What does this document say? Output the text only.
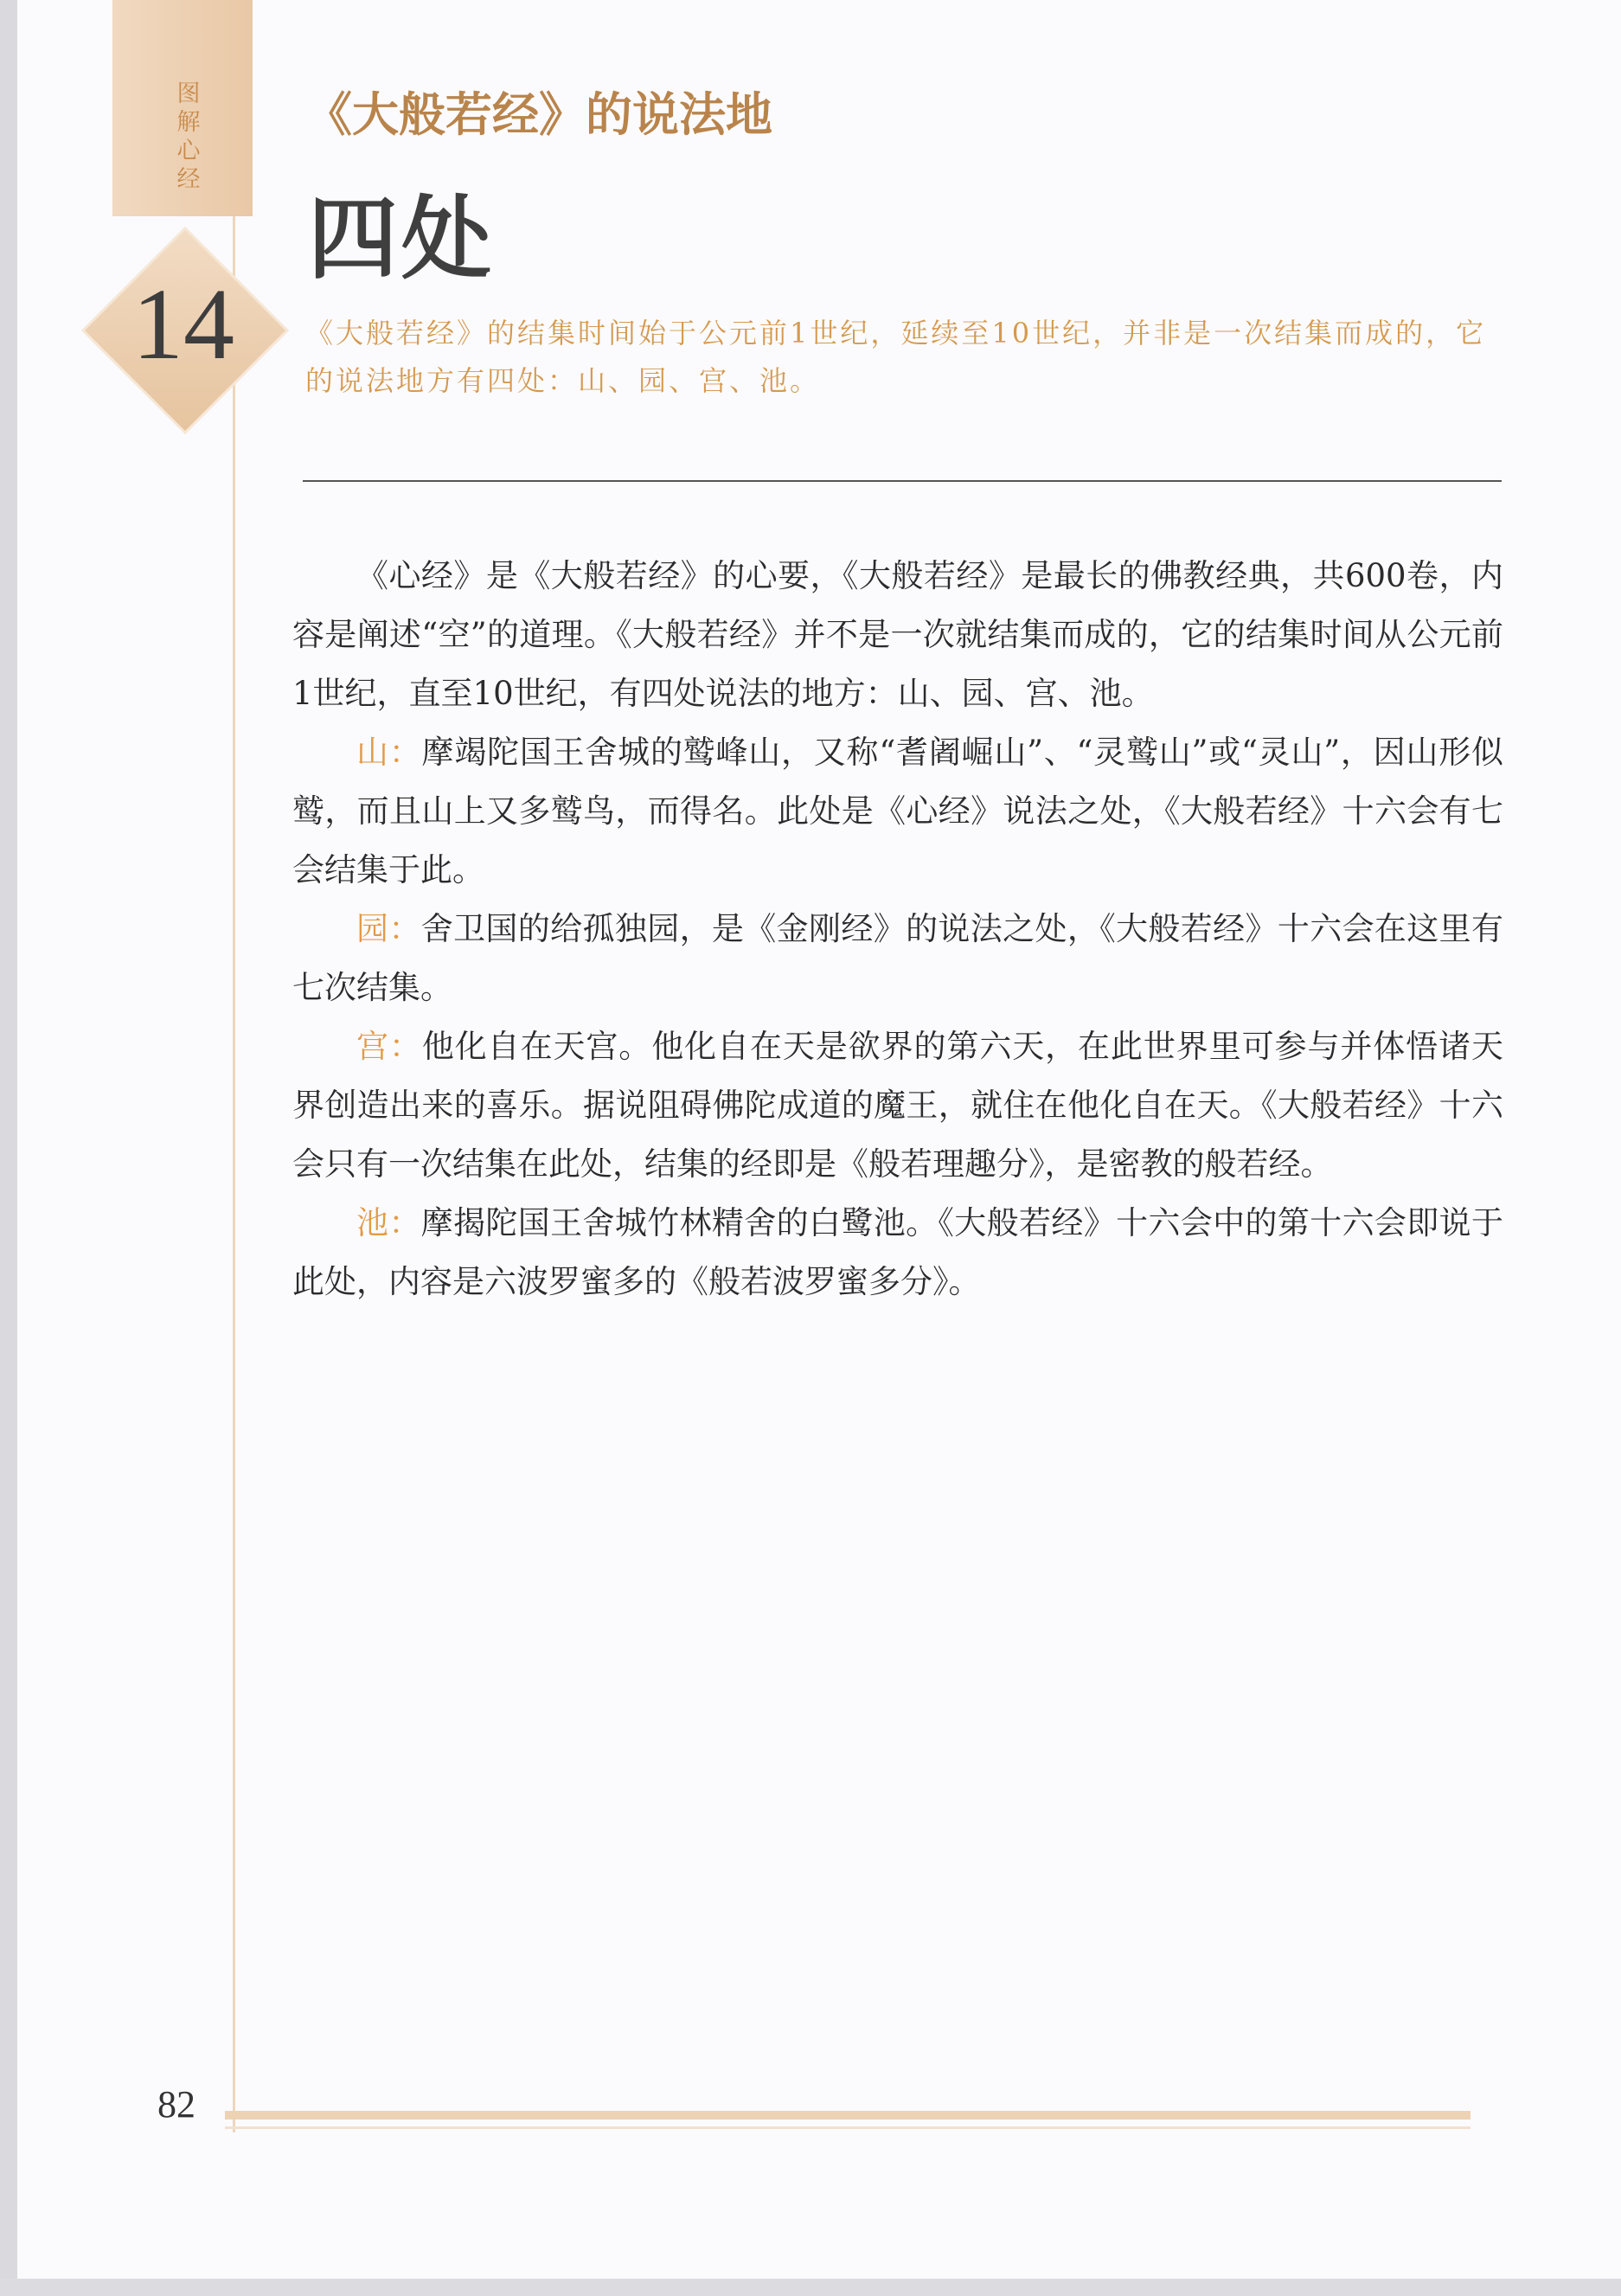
图
解
心
经
14
《大般若经》的说法地
四处
《大般若经》的结集时间始于公元前1世纪，延续至10世纪，并非是一次结集而成的，它的说法地方有四处：山、园、宫、池。

《心经》是《大般若经》的心要，《大般若经》是最长的佛教经典，共600卷，内容是阐述“空”的道理。《大般若经》并不是一次就结集而成的，它的结集时间从公元前1世纪，直至10世纪，有四处说法的地方：山、园、宫、池。

山：摩竭陀国王舍城的鹫峰山，又称“耆阇崛山”、“灵鹫山”或“灵山”，因山形似鹫，而且山上又多鹫鸟，而得名。此处是《心经》说法之处，《大般若经》十六会有七会结集于此。

园：舍卫国的给孤独园，是《金刚经》的说法之处，《大般若经》十六会在这里有七次结集。

宫：他化自在天宫。他化自在天是欲界的第六天，在此世界里可参与并体悟诸天界创造出来的喜乐。据说阻碍佛陀成道的魔王，就住在他化自在天。《大般若经》十六会只有一次结集在此处，结集的经即是《般若理趣分》，是密教的般若经。

池：摩揭陀国王舍城竹林精舍的白鹭池。《大般若经》十六会中的第十六会即说于此处，内容是六波罗蜜多的《般若波罗蜜多分》。

82
